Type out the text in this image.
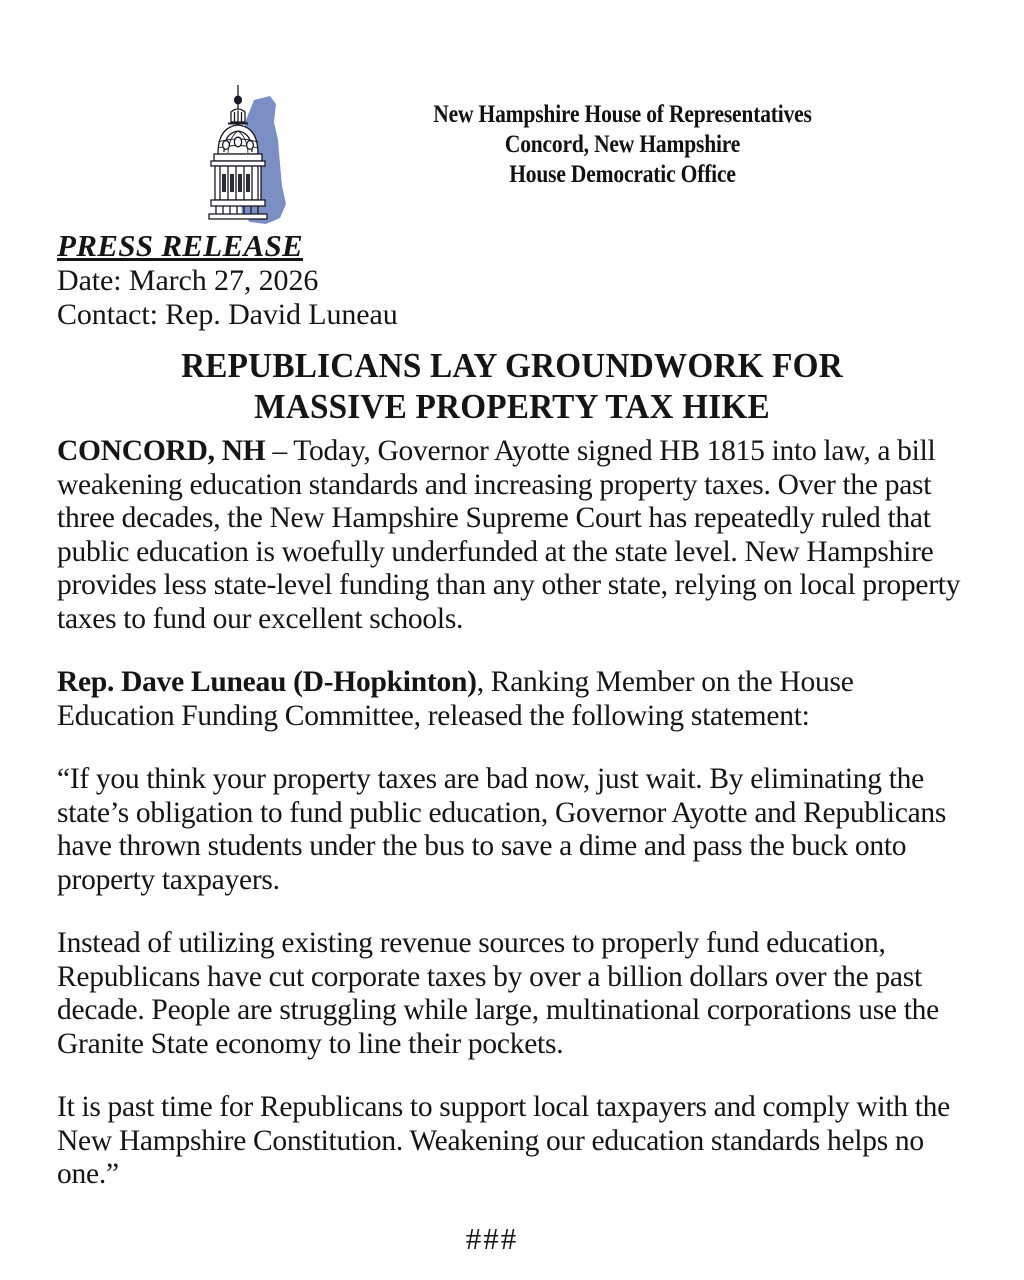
New Hampshire House of Representatives
Concord, New Hampshire
House Democratic Office

PRESS RELEASE

Date: March 27, 2026

Contact: Rep. David Luneau

REPUBLICANS LAY GROUNDWORK FOR
MASSIVE PROPERTY TAX HIKE

CONCORD, NH – Today, Governor Ayotte signed HB 1815 into law, a bill weakening education standards and increasing property taxes. Over the past three decades, the New Hampshire Supreme Court has repeatedly ruled that public education is woefully underfunded at the state level. New Hampshire provides less state-level funding than any other state, relying on local property taxes to fund our excellent schools.

Rep. Dave Luneau (D-Hopkinton), Ranking Member on the House Education Funding Committee, released the following statement:

“If you think your property taxes are bad now, just wait. By eliminating the state’s obligation to fund public education, Governor Ayotte and Republicans have thrown students under the bus to save a dime and pass the buck onto property taxpayers.

Instead of utilizing existing revenue sources to properly fund education, Republicans have cut corporate taxes by over a billion dollars over the past decade. People are struggling while large, multinational corporations use the Granite State economy to line their pockets.

It is past time for Republicans to support local taxpayers and comply with the New Hampshire Constitution. Weakening our education standards helps no one.”

###
